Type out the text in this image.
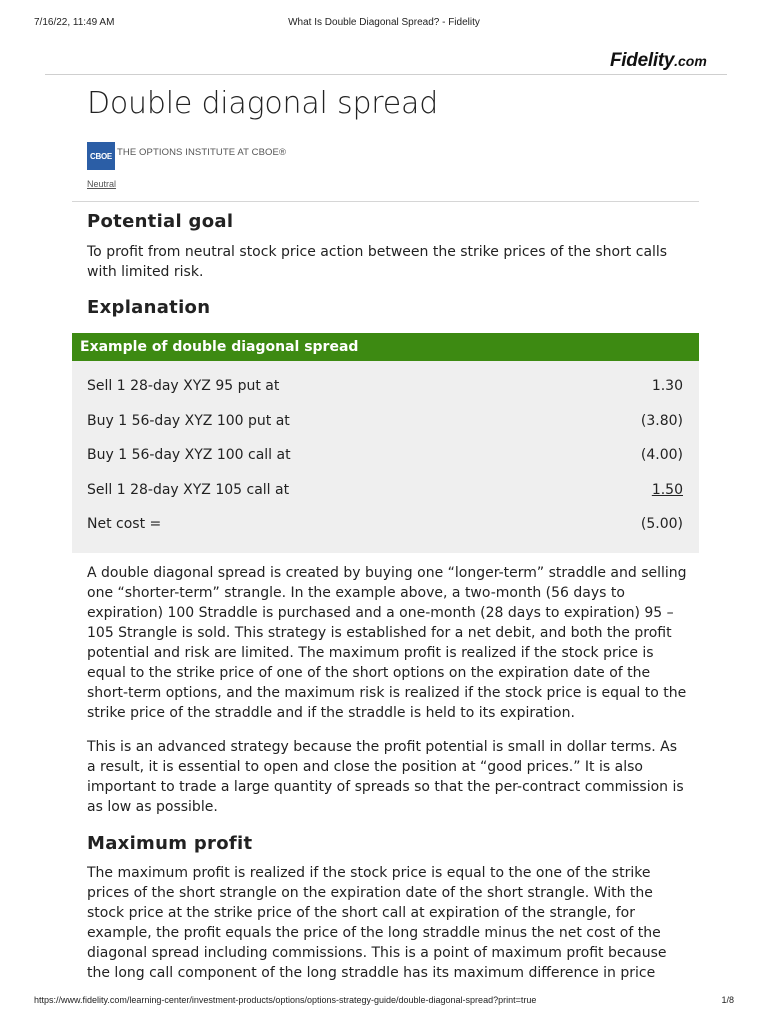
7/16/22, 11:49 AM	What Is Double Diagonal Spread? - Fidelity
Fidelity.com
Double diagonal spread
CBOE THE OPTIONS INSTITUTE AT CBOE®
Neutral
Potential goal

To profit from neutral stock price action between the strike prices of the short calls with limited risk.

Explanation
Example of double diagonal spread
Sell 1 28-day XYZ 95 put at	1.30
Buy 1 56-day XYZ 100 put at	(3.80)
Buy 1 56-day XYZ 100 call at	(4.00)
Sell 1 28-day XYZ 105 call at	1.50
Net cost =	(5.00)

A double diagonal spread is created by buying one “longer-term” straddle and selling one “shorter-term” strangle. In the example above, a two-month (56 days to expiration) 100 Straddle is purchased and a one-month (28 days to expiration) 95 – 105 Strangle is sold. This strategy is established for a net debit, and both the profit potential and risk are limited. The maximum profit is realized if the stock price is equal to the strike price of one of the short options on the expiration date of the short-term options, and the maximum risk is realized if the stock price is equal to the strike price of the straddle and if the straddle is held to its expiration.

This is an advanced strategy because the profit potential is small in dollar terms. As a result, it is essential to open and close the position at “good prices.” It is also important to trade a large quantity of spreads so that the per-contract commission is as low as possible.

Maximum profit

The maximum profit is realized if the stock price is equal to the one of the strike prices of the short strangle on the expiration date of the short strangle. With the stock price at the strike price of the short call at expiration of the strangle, for example, the profit equals the price of the long straddle minus the net cost of the diagonal spread including commissions. This is a point of maximum profit because the long call component of the long straddle has its maximum difference in price

https://www.fidelity.com/learning-center/investment-products/options/options-strategy-guide/double-diagonal-spread?print=true	1/8
